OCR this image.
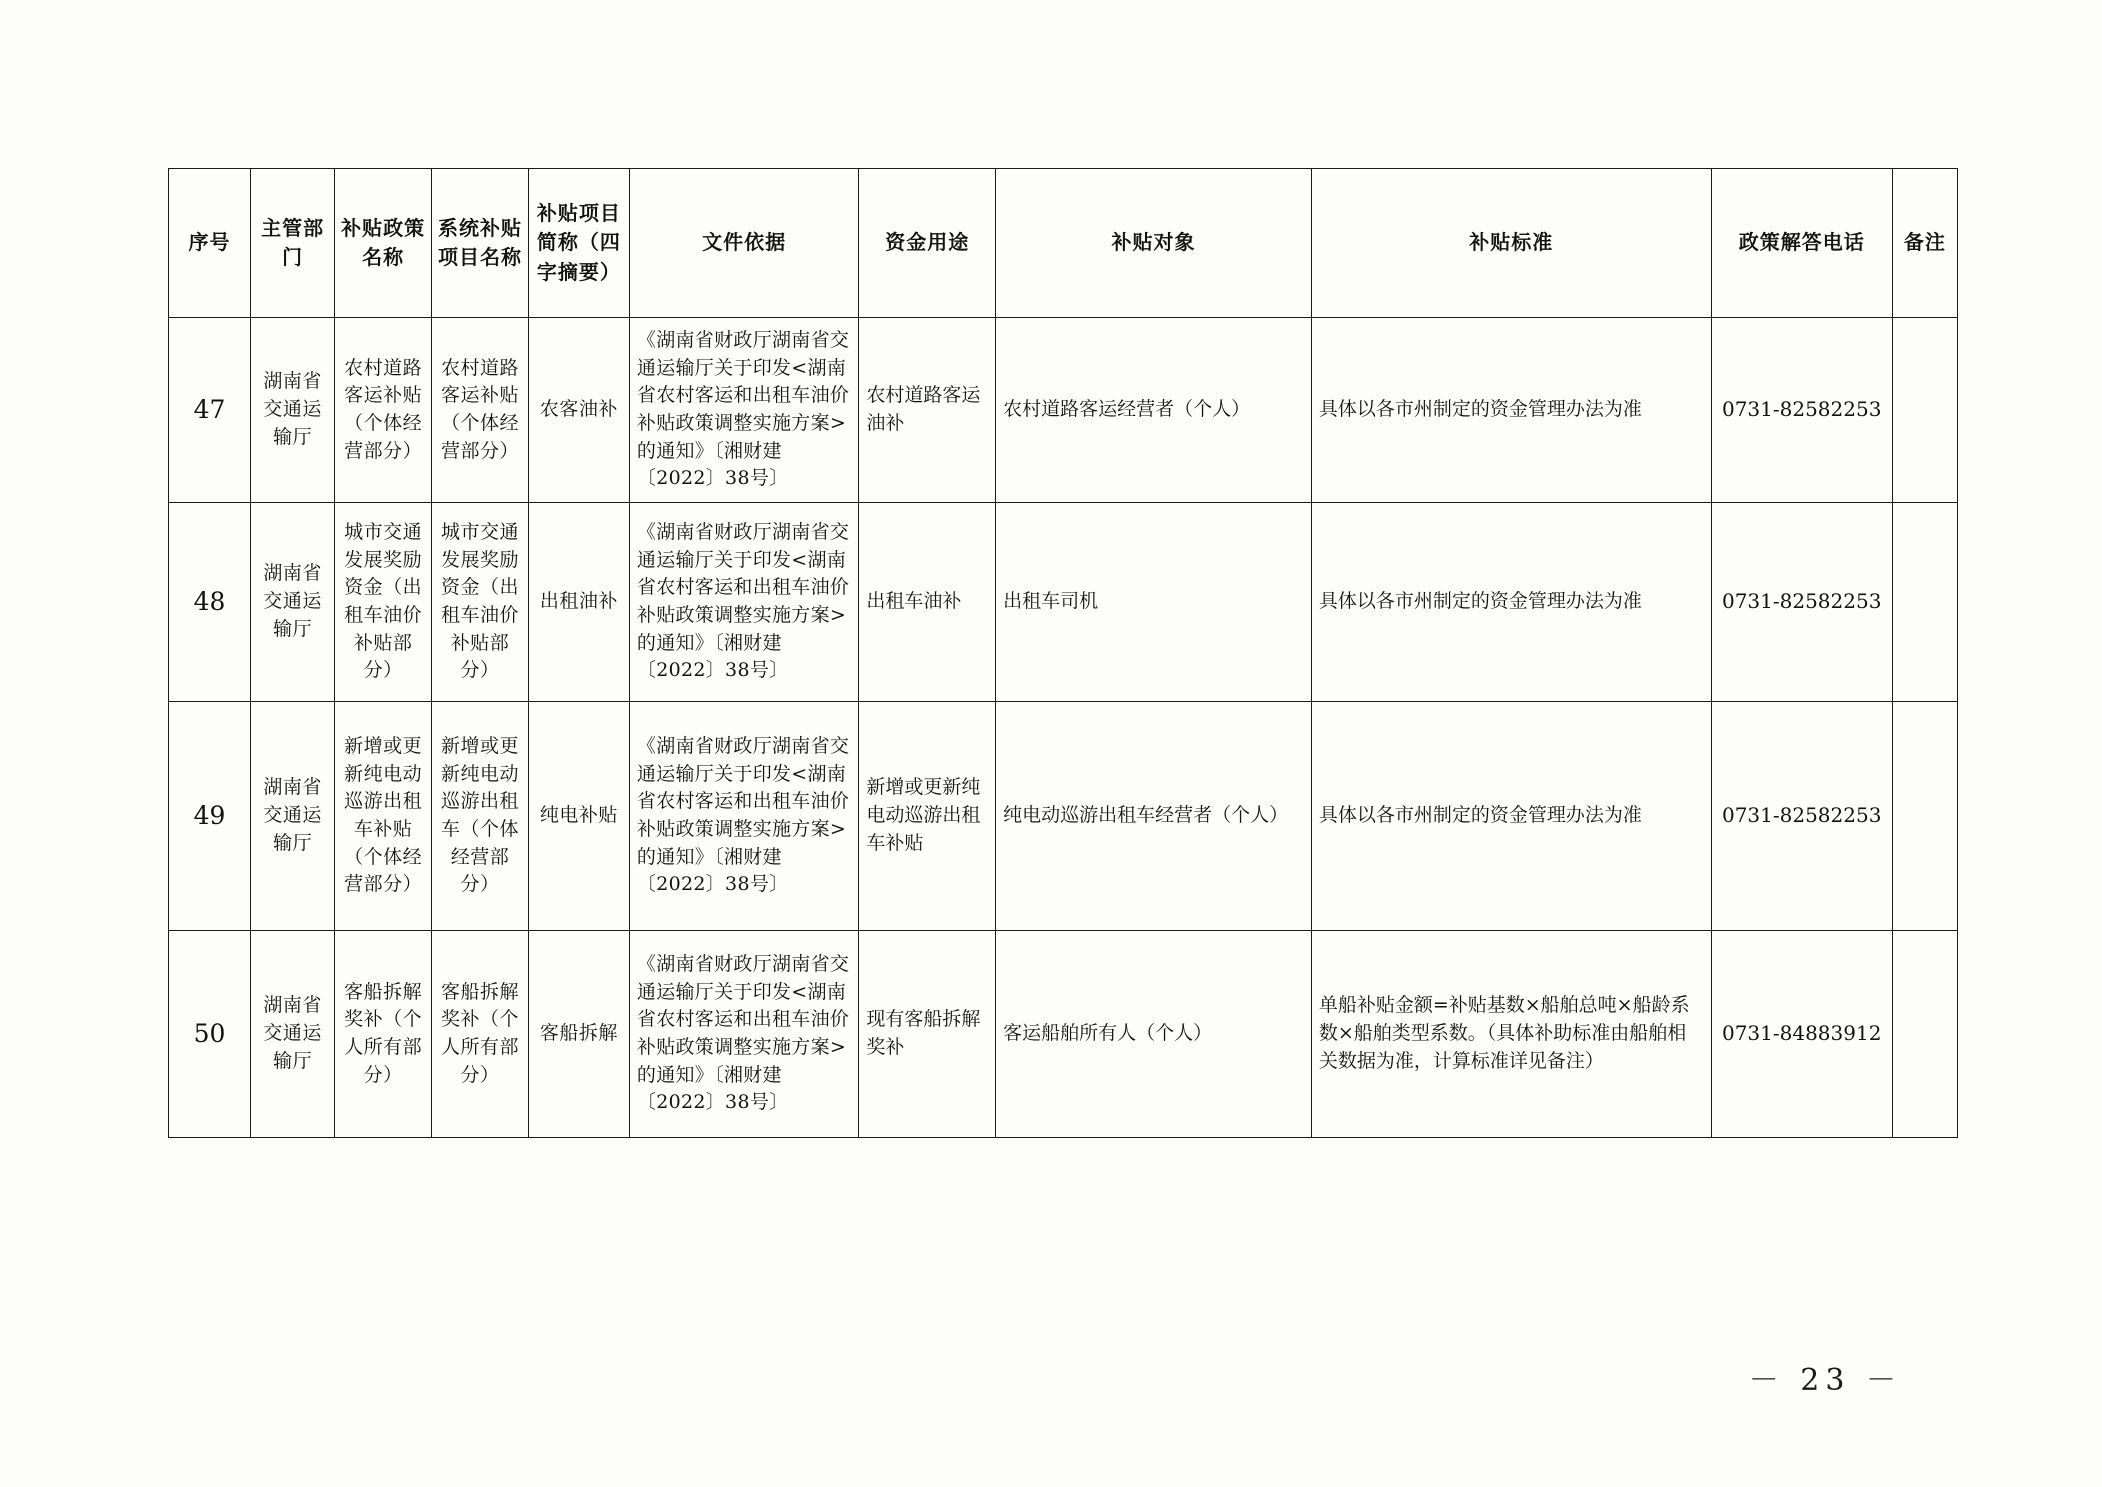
序号	主管部门	补贴政策名称	系统补贴项目名称	补贴项目简称（四字摘要）	文件依据	资金用途	补贴对象	补贴标准	政策解答电话	备注
47	湖南省交通运输厅	农村道路客运补贴（个体经营部分）	农村道路客运补贴（个体经营部分）	农客油补	《湖南省财政厅湖南省交通运输厅关于印发<湖南省农村客运和出租车油价补贴政策调整实施方案>的通知》〔湘财建〔2022〕38号〕	农村道路客运油补	农村道路客运经营者（个人）	具体以各市州制定的资金管理办法为准	0731-82582253	
48	湖南省交通运输厅	城市交通发展奖励资金（出租车油价补贴部分）	城市交通发展奖励资金（出租车油价补贴部分）	出租油补	《湖南省财政厅湖南省交通运输厅关于印发<湖南省农村客运和出租车油价补贴政策调整实施方案>的通知》〔湘财建〔2022〕38号〕	出租车油补	出租车司机	具体以各市州制定的资金管理办法为准	0731-82582253	
49	湖南省交通运输厅	新增或更新纯电动巡游出租车补贴（个体经营部分）	新增或更新纯电动巡游出租车（个体经营部分）	纯电补贴	《湖南省财政厅湖南省交通运输厅关于印发<湖南省农村客运和出租车油价补贴政策调整实施方案>的通知》〔湘财建〔2022〕38号〕	新增或更新纯电动巡游出租车补贴	纯电动巡游出租车经营者（个人）	具体以各市州制定的资金管理办法为准	0731-82582253	
50	湖南省交通运输厅	客船拆解奖补（个人所有部分）	客船拆解奖补（个人所有部分）	客船拆解	《湖南省财政厅湖南省交通运输厅关于印发<湖南省农村客运和出租车油价补贴政策调整实施方案>的通知》〔湘财建〔2022〕38号〕	现有客船拆解奖补	客运船舶所有人（个人）	单船补贴金额=补贴基数×船舶总吨×船龄系数×船舶类型系数。（具体补助标准由船舶相关数据为准，计算标准详见备注）	0731-84883912	
－ 23 －
